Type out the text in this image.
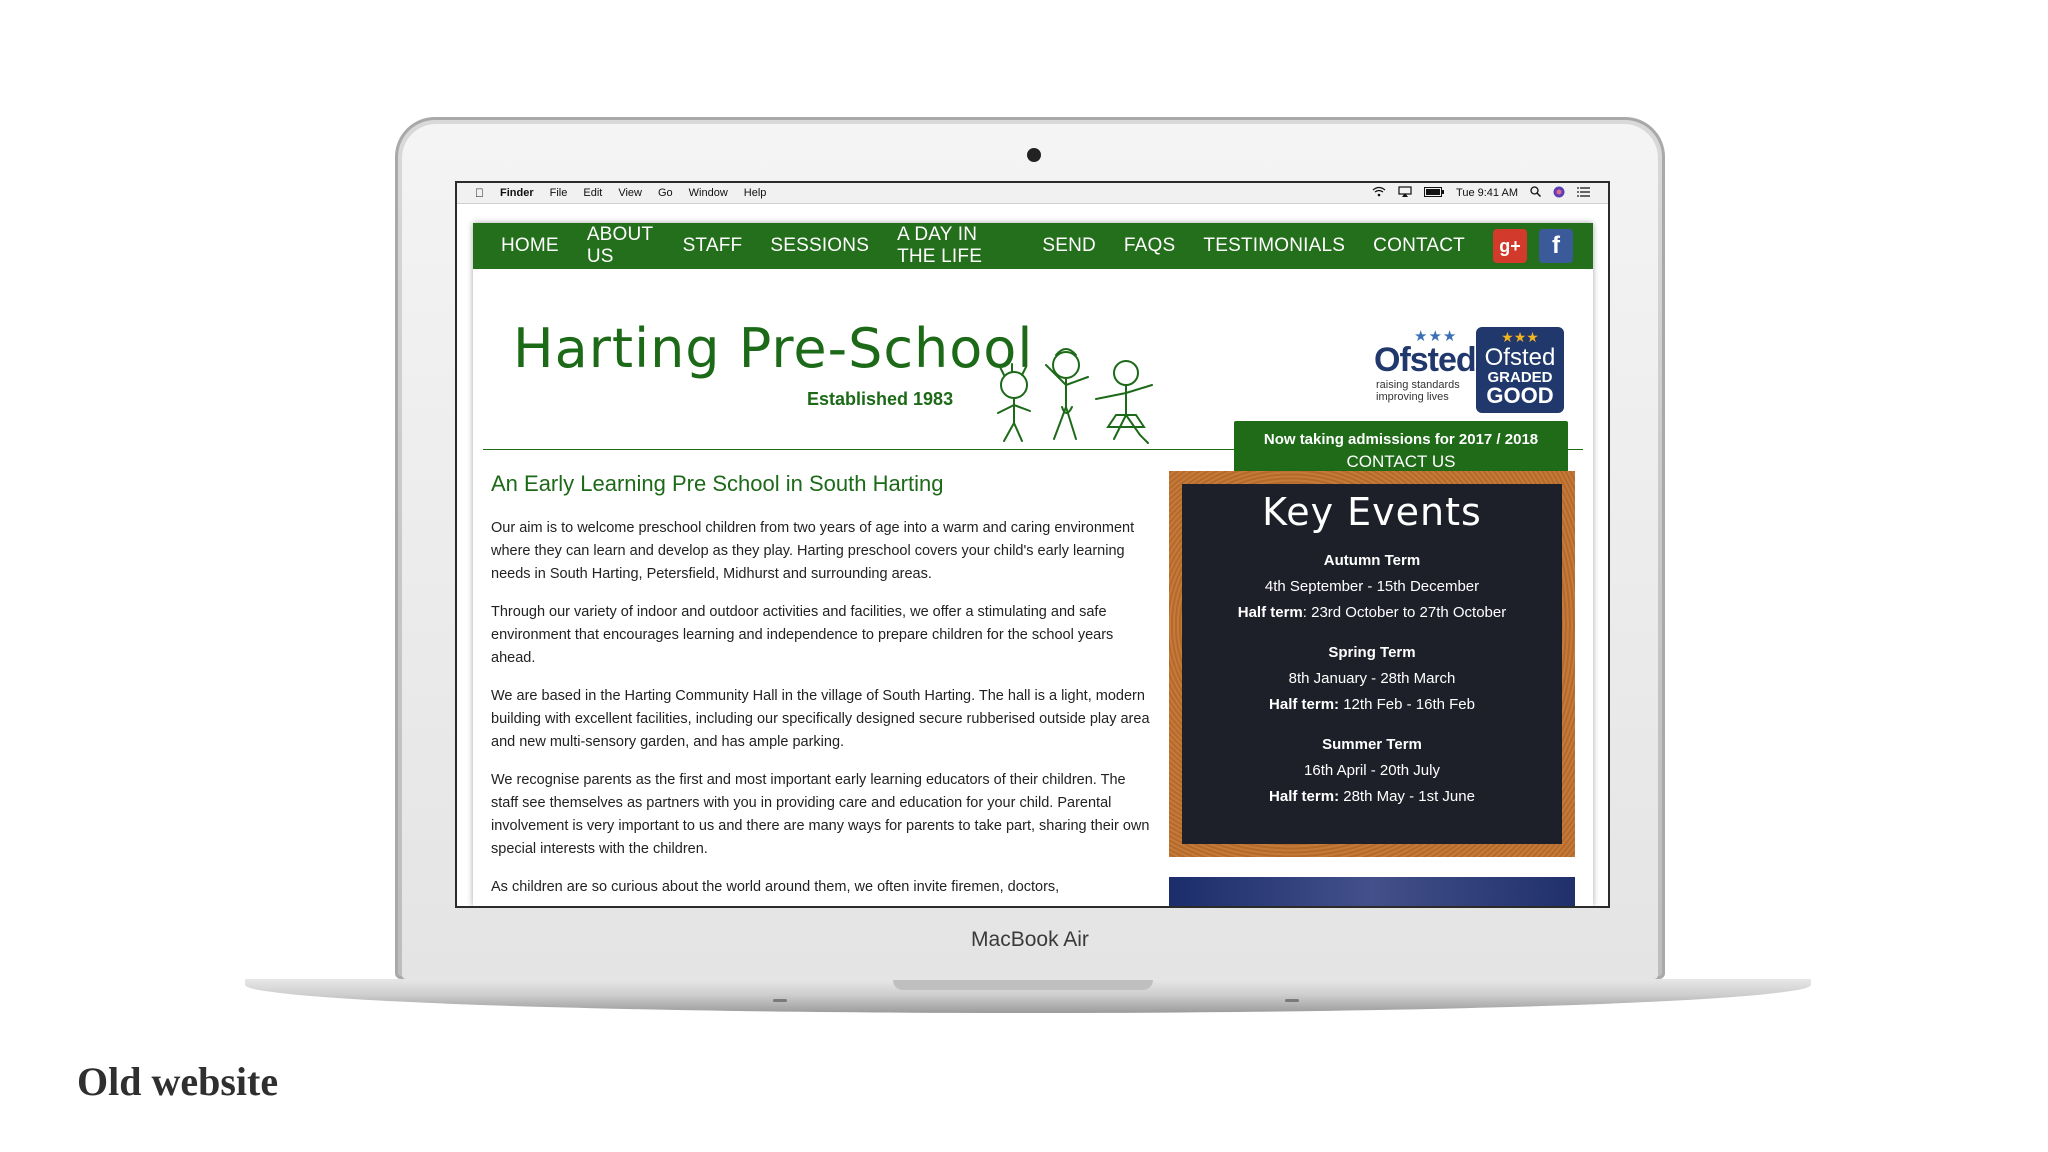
Finder File Edit View Go Window Help	Tue 9:41 AM
HOME
ABOUT US
STAFF SESSIONS
A DAY IN THE LIFE
SEND FAQS TESTIMONIALS CONTACT	g+	f
Harting Pre-School
Established 1983
★★★
Ofsted
raising standards
improving lives
★★★
Ofsted
GRADED
GOOD
Now taking admissions for 2017 / 2018
CONTACT US
An Early Learning Pre School in South Harting

Our aim is to welcome preschool children from two years of age into a warm and caring environment where they can learn and develop as they play. Harting preschool covers your child's early learning needs in South Harting, Petersfield, Midhurst and surrounding areas.

Through our variety of indoor and outdoor activities and facilities, we offer a stimulating and safe environment that encourages learning and independence to prepare children for the school years ahead.

We are based in the Harting Community Hall in the village of South Harting. The hall is a light, modern building with excellent facilities, including our specifically designed secure rubberised outside play area and new multi-sensory garden, and has ample parking.

We recognise parents as the first and most important early learning educators of their children. The staff see themselves as partners with you in providing care and education for your child. Parental involvement is very important to us and there are many ways for parents to take part, sharing their own special interests with the children.

As children are so curious about the world around them, we often invite firemen, doctors,

Key Events
Autumn Term
4th September - 15th December
Half term: 23rd October to 27th October
Spring Term
8th January - 28th March
Half term: 12th Feb - 16th Feb
Summer Term
16th April - 20th July
Half term: 28th May - 1st June
MacBook Air
Old website
